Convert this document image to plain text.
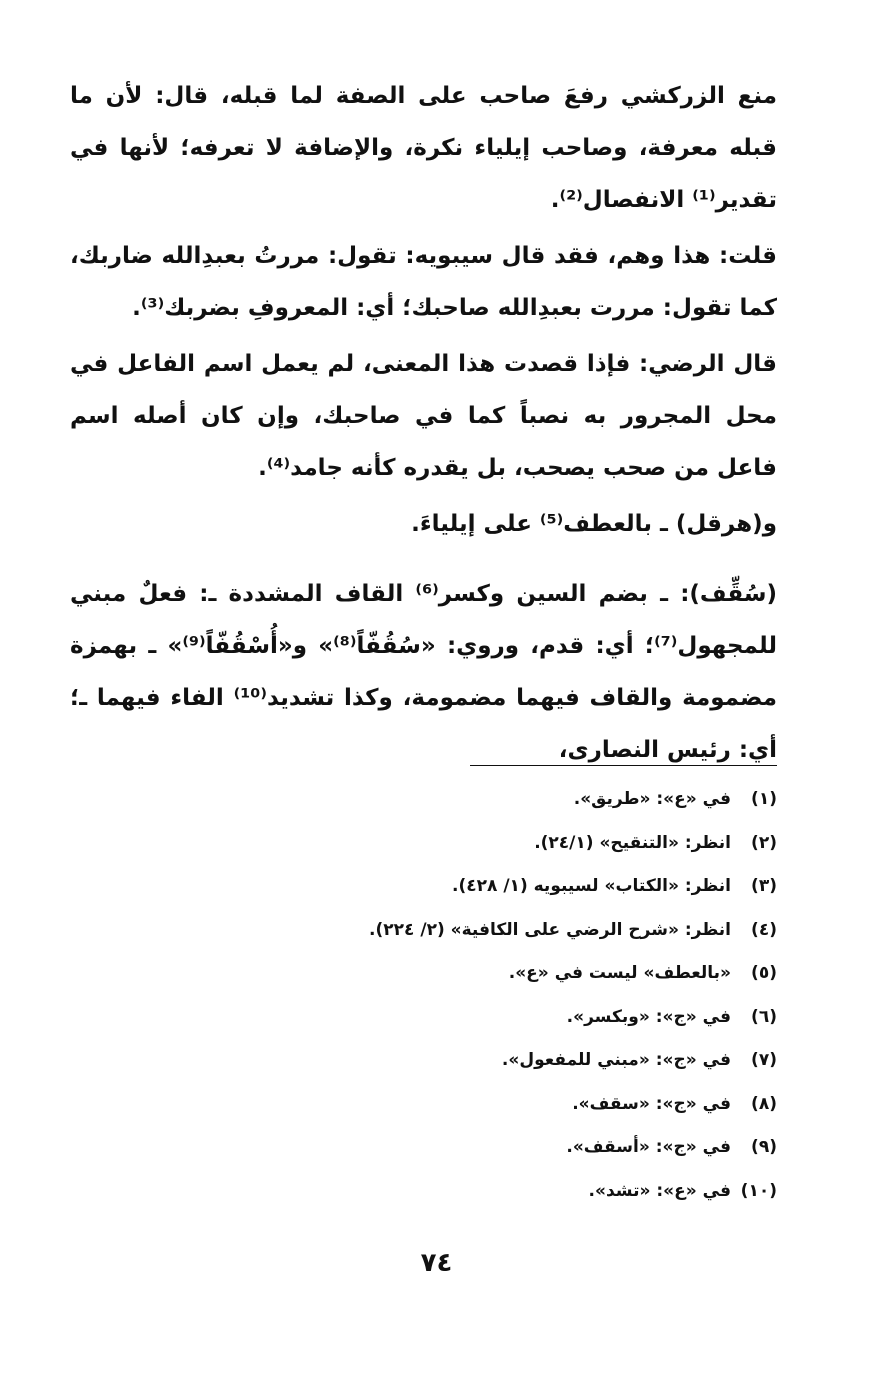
منع الزركشي رفعَ صاحب على الصفة لما قبله، قال: لأن ما قبله معرفة، وصاحب إيلياء نكرة، والإضافة لا تعرفه؛ لأنها في تقدير⁽¹⁾ الانفصال⁽²⁾.
قلت: هذا وهم، فقد قال سيبويه: تقول: مررتُ بعبدِالله ضاربك، كما تقول: مررت بعبدِالله صاحبك؛ أي: المعروفِ بضربك⁽³⁾.
قال الرضي: فإذا قصدت هذا المعنى، لم يعمل اسم الفاعل في محل المجرور به نصباً كما في صاحبك، وإن كان أصله اسم فاعل من صحب يصحب، بل يقدره كأنه جامد⁽⁴⁾.
و(هرقل) ـ بالعطف⁽⁵⁾ على إيلياءَ.
(سُقِّف): ـ بضم السين وكسر⁽⁶⁾ القاف المشددة ـ: فعلٌ مبني للمجهول⁽⁷⁾؛ أي: قدم، وروي: «سُقُفّاً⁽⁸⁾» و«أُسْقُفّاً⁽⁹⁾» ـ بهمزة مضمومة والقاف فيهما مضمومة، وكذا تشديد⁽¹⁰⁾ الفاء فيهما ـ؛ أي: رئيس النصارى،
(١)في «ع»: «طريق».
(٢)انظر: «التنقيح» (٢٤/١).
(٣)انظر: «الكتاب» لسيبويه (١/ ٤٢٨).
(٤)انظر: «شرح الرضي على الكافية» (٢/ ٢٢٤).
(٥)«بالعطف» ليست في «ع».
(٦)في «ج»: «وبكسر».
(٧)في «ج»: «مبني للمفعول».
(٨)في «ج»: «سقف».
(٩)في «ج»: «أسقف».
(١٠)في «ع»: «تشد».
٧٤
